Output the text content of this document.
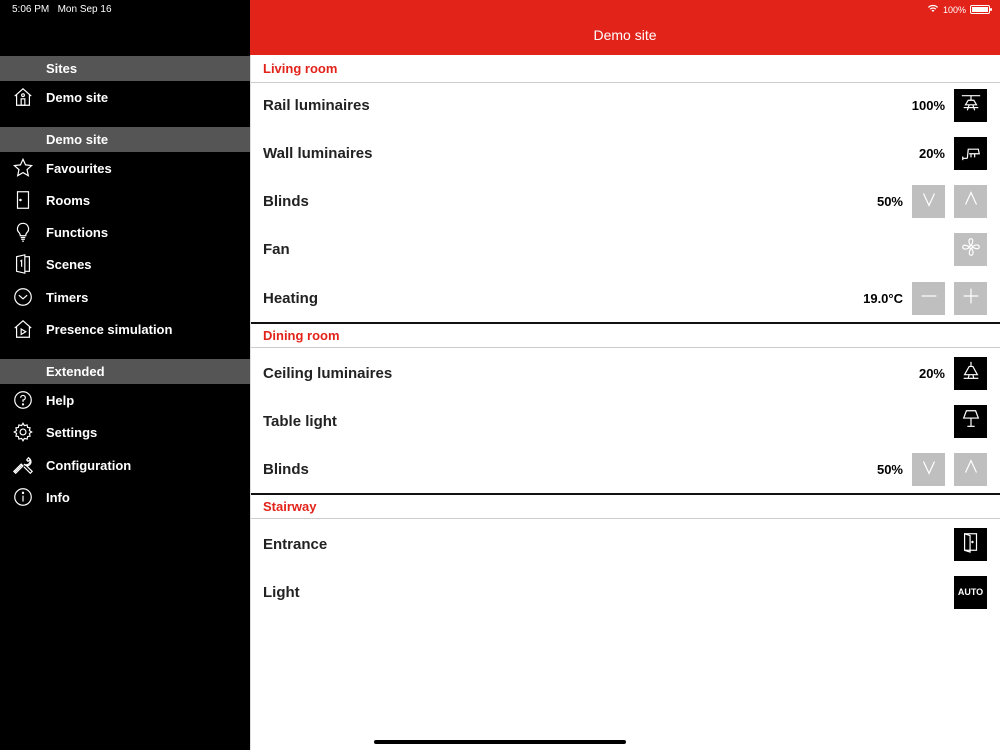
5:06 PM Mon Sep 16
Sites
Demo site
Demo site
Favourites
Rooms
Functions
Scenes
Timers
Presence simulation
Extended
Help
Settings
Configuration
Info
100%
Demo site
Living room
Rail luminaires	100%
Wall luminaires	20%
Blinds	50%
Fan
Heating	19.0°C
Dining room
Ceiling luminaires	20%
Table light
Blinds	50%
Stairway
Entrance
Light	AUTO
